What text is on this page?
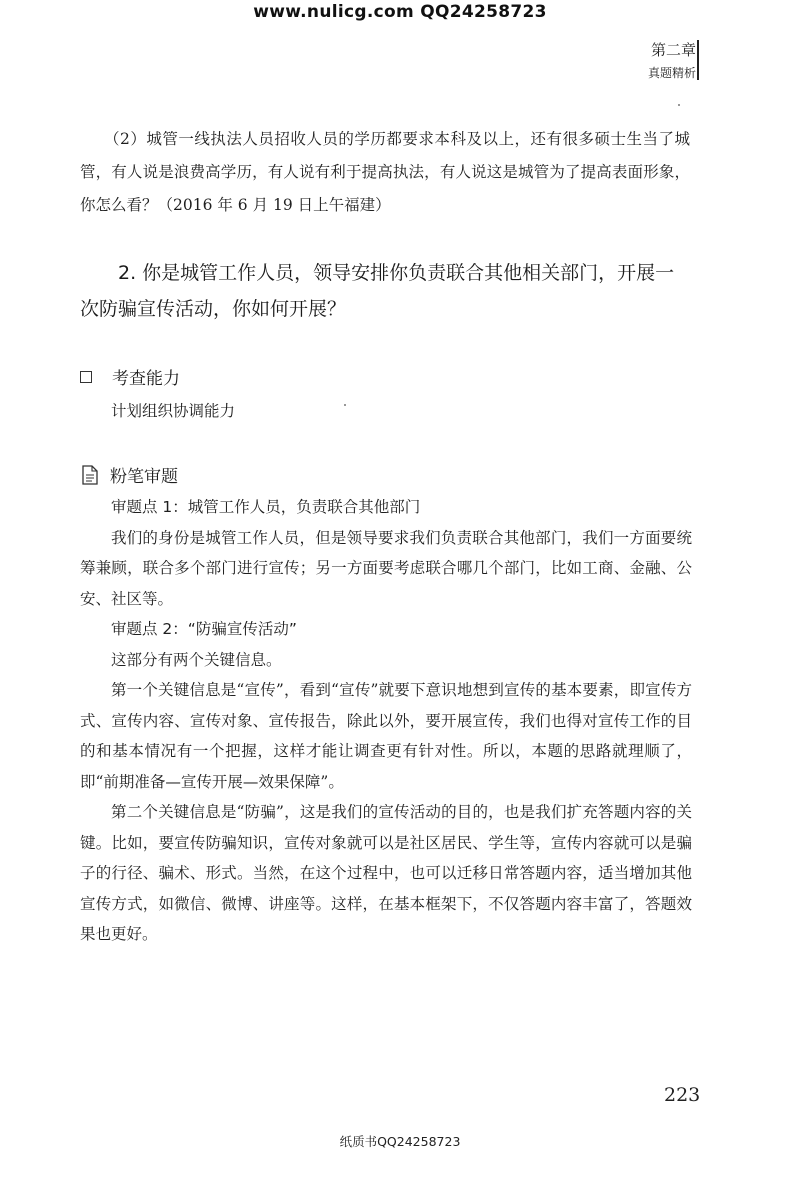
www.nulicg.com QQ24258723
第二章
真题精析
（2）城管一线执法人员招收人员的学历都要求本科及以上，还有很多硕士生当了城管，有人说是浪费高学历，有人说有利于提高执法，有人说这是城管为了提高表面形象，你怎么看？（2016 年 6 月 19 日上午福建）
2. 你是城管工作人员，领导安排你负责联合其他相关部门，开展一次防骗宣传活动，你如何开展？
考查能力
计划组织协调能力
粉笔审题
审题点 1：城管工作人员，负责联合其他部门
我们的身份是城管工作人员，但是领导要求我们负责联合其他部门，我们一方面要统筹兼顾，联合多个部门进行宣传；另一方面要考虑联合哪几个部门，比如工商、金融、公安、社区等。
审题点 2：“防骗宣传活动”
这部分有两个关键信息。
第一个关键信息是“宣传”，看到“宣传”就要下意识地想到宣传的基本要素，即宣传方式、宣传内容、宣传对象、宣传报告，除此以外，要开展宣传，我们也得对宣传工作的目的和基本情况有一个把握，这样才能让调查更有针对性。所以，本题的思路就理顺了，即“前期准备—宣传开展—效果保障”。
第二个关键信息是“防骗”，这是我们的宣传活动的目的，也是我们扩充答题内容的关键。比如，要宣传防骗知识，宣传对象就可以是社区居民、学生等，宣传内容就可以是骗子的行径、骗术、形式。当然，在这个过程中，也可以迁移日常答题内容，适当增加其他宣传方式，如微信、微博、讲座等。这样，在基本框架下，不仅答题内容丰富了，答题效果也更好。
223
纸质书QQ24258723
